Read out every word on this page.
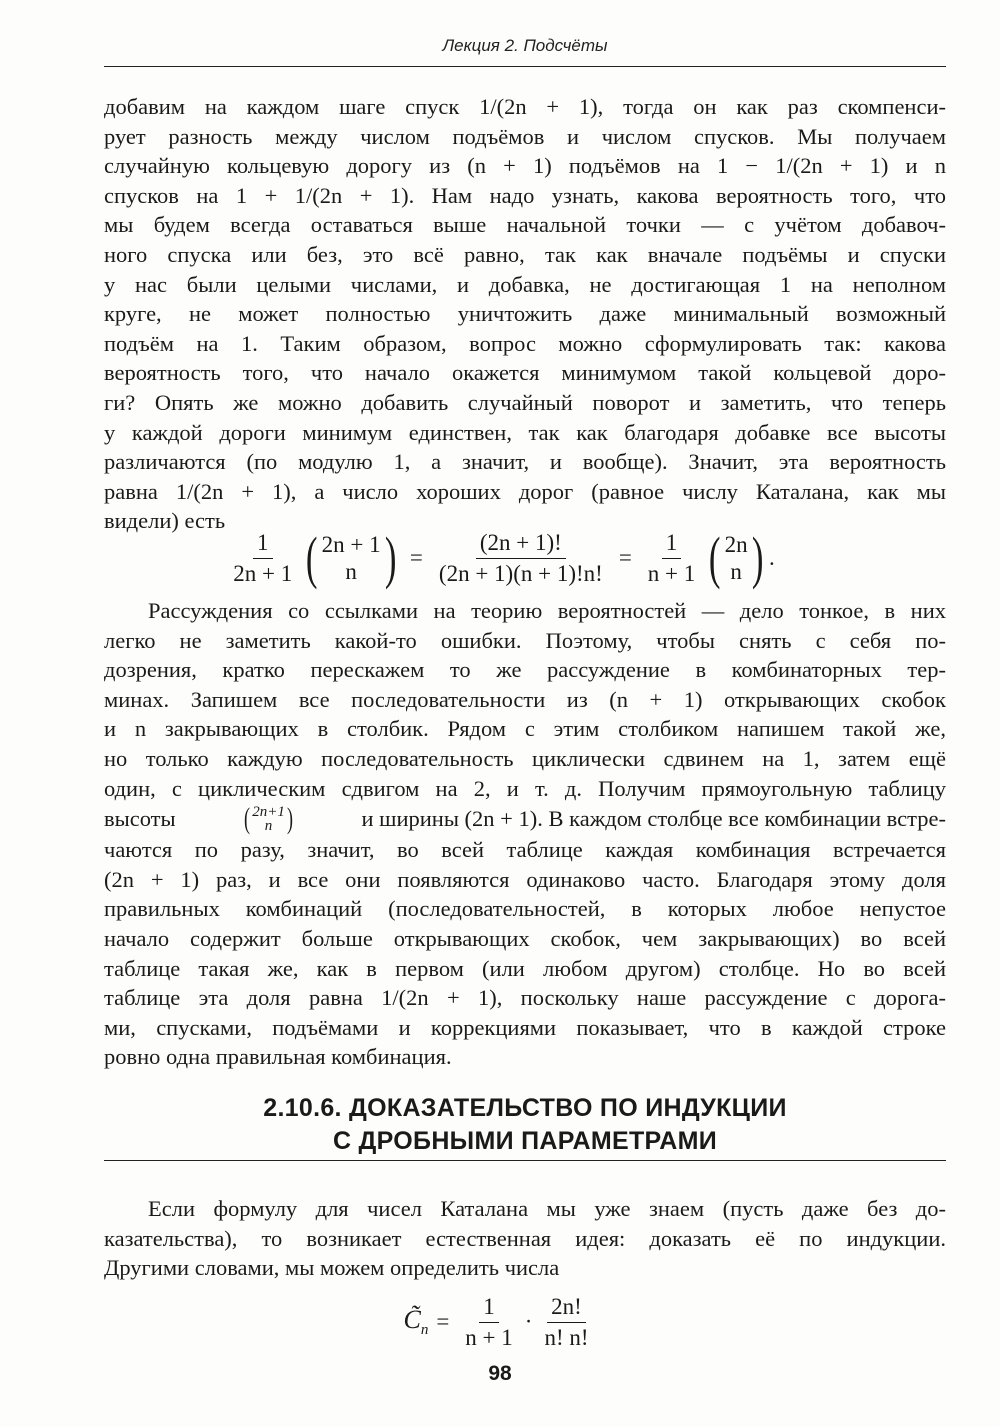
Лекция 2. Подсчёты
добавим на каждом шаге спуск 1/(2n + 1), тогда он как раз скомпенси-
рует разность между числом подъёмов и числом спусков. Мы получаем
случайную кольцевую дорогу из (n + 1) подъёмов на 1 − 1/(2n + 1) и n
спусков на 1 + 1/(2n + 1). Нам надо узнать, какова вероятность того, что
мы будем всегда оставаться выше начальной точки — с учётом добавоч-
ного спуска или без, это всё равно, так как вначале подъёмы и спуски
у нас были целыми числами, и добавка, не достигающая 1 на неполном
круге, не может полностью уничтожить даже минимальный возможный
подъём на 1. Таким образом, вопрос можно сформулировать так: какова
вероятность того, что начало окажется минимумом такой кольцевой доро-
ги? Опять же можно добавить случайный поворот и заметить, что теперь
у каждой дороги минимум единствен, так как благодаря добавке все высоты
различаются (по модулю 1, а значит, и вообще). Значит, эта вероятность
равна 1/(2n + 1), а число хороших дорог (равное числу Каталана, как мы
видели) есть
$\frac{1}{2n + 1}$ ( 2n + 1
n ) = $\frac{(2n + 1)!}{(2n + 1)(n + 1)!n!} = \frac{1}{n + 1}$ ( 2n
n ) .
Рассуждения со ссылками на теорию вероятностей — дело тонкое, в них
легко не заметить какой-то ошибки. Поэтому, чтобы снять с себя по-
дозрения, кратко перескажем то же рассуждение в комбинаторных тер-
минах. Запишем все последовательности из (n + 1) открывающих скобок
и n закрывающих в столбик. Рядом с этим столбиком напишем такой же,
но только каждую последовательность циклически сдвинем на 1, затем ещё
один, с циклическим сдвигом на 2, и т. д. Получим прямоугольную таблицу
высоты ( 2n+1
n )	и ширины (2n + 1). В каждом столбце все комбинации встре-
чаются по разу, значит, во всей таблице каждая комбинация встречается
(2n + 1) раз, и все они появляются одинаково часто. Благодаря этому доля
правильных комбинаций (последовательностей, в которых любое непустое
начало содержит больше открывающих скобок, чем закрывающих) во всей
таблице такая же, как в первом (или любом другом) столбце. Но во всей
таблице эта доля равна 1/(2n + 1), поскольку наше рассуждение с дорога-
ми, спусками, подъёмами и коррекциями показывает, что в каждой строке
ровно одна правильная комбинация.
2.10.6. ДОКАЗАТЕЛЬСТВО ПО ИНДУКЦИИ
С ДРОБНЫМИ ПАРАМЕТРАМИ
Если формулу для чисел Каталана мы уже знаем (пусть даже без до-
казательства), то возникает естественная идея: доказать её по индукции.
Другими словами, мы можем определить числа
$C̃_n = \frac{1}{n + 1} \cdot \frac{2n!}{n! n!}$
98
